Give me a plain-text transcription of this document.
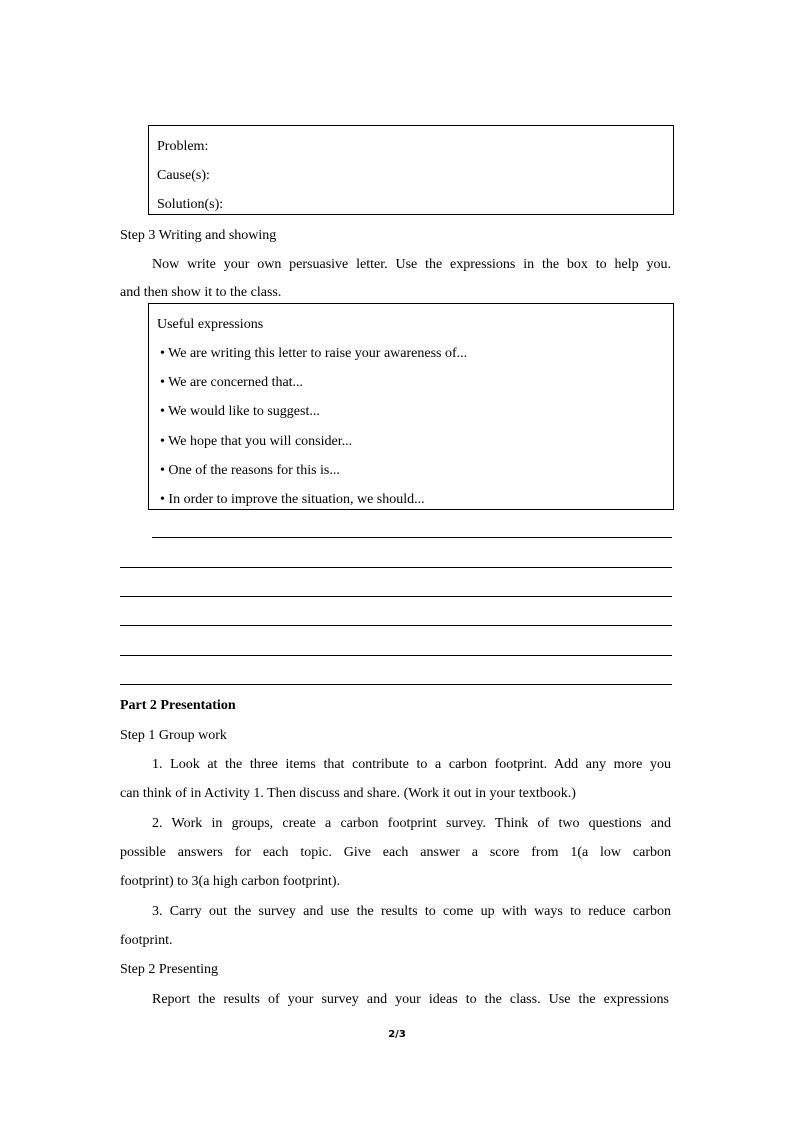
Problem:
Cause(s):
Solution(s):
Step 3 Writing and showing
Now write your own persuasive letter. Use the expressions in the box to help you.
and then show it to the class.
Useful expressions
• We are writing this letter to raise your awareness of...
• We are concerned that...
• We would like to suggest...
• We hope that you will consider...
• One of the reasons for this is...
• In order to improve the situation, we should...
Part 2 Presentation
Step 1 Group work
1. Look at the three items that contribute to a carbon footprint. Add any more you
can think of in Activity 1. Then discuss and share. (Work it out in your textbook.)
2. Work in groups, create a carbon footprint survey. Think of two questions and
possible answers for each topic. Give each answer a score from 1(a low carbon
footprint) to 3(a high carbon footprint).
3. Carry out the survey and use the results to come up with ways to reduce carbon
footprint.
Step 2 Presenting
Report the results of your survey and your ideas to the class. Use the expressions
2/3
